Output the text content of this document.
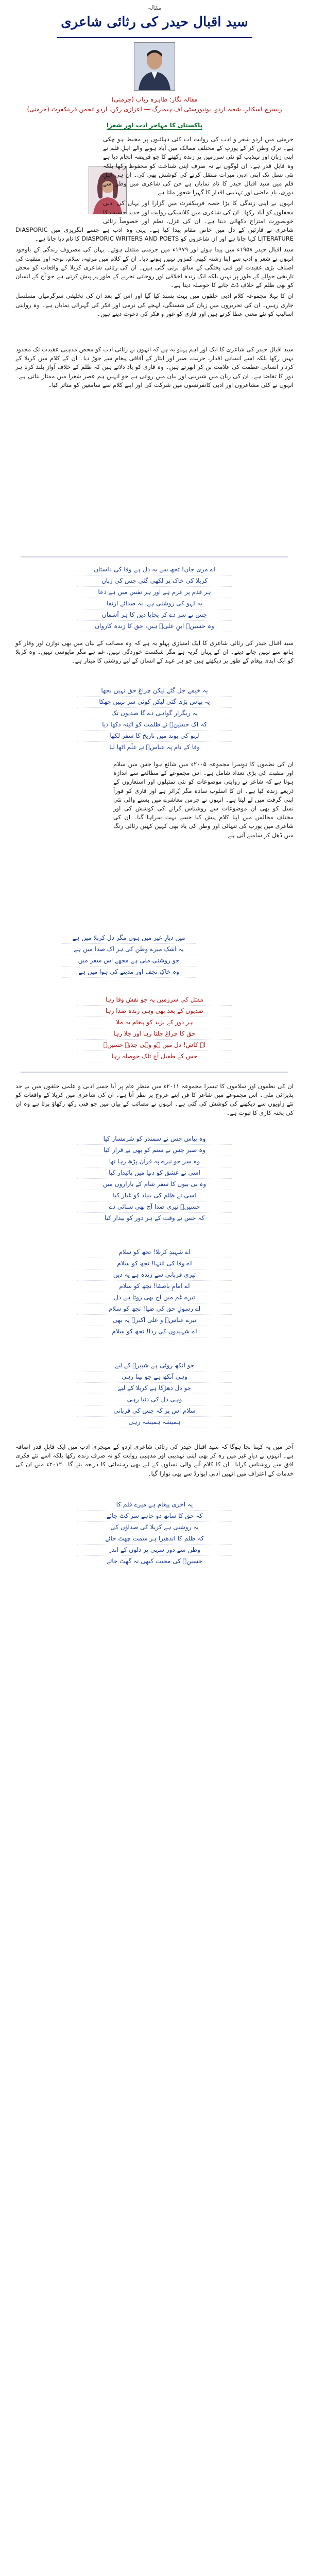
مقالہ
سید اقبال حیدر کی رثائی شاعری
مقالہ نگار: طاہرہ رباب (جرمنی)
ریسرچ اسکالر، شعبہ اردو، یونیورسٹی آف ہیمبرگ — اعزازی رکن، اردو انجمن فرینکفرٹ (جرمنی)
پاکستان کا مہاجر ادب اور شعرا

جرمنی میں اردو شعر و ادب کی روایت اب کئی دہائیوں پر محیط ہو چکی ہے۔ ترکِ وطن کر کے یورپ کے مختلف ممالک میں آباد ہونے والے اہلِ قلم نے اپنی زبان اور تہذیب کو نئی سرزمین پر زندہ رکھنے کا جو فریضہ انجام دیا ہے وہ قابلِ قدر ہے۔ ان لوگوں نے نہ صرف اپنی شناخت کو محفوظ رکھا بلکہ نئی نسل تک اپنی ادبی میراث منتقل کرنے کی کوشش بھی کی۔ ان ہی اہلِ قلم میں سید اقبال حیدر کا نام نمایاں ہے جن کی شاعری میں وطن سے دوری، یادِ ماضی اور تہذیبی اقدار کا گہرا شعور ملتا ہے۔

انہوں نے اپنی زندگی کا بڑا حصہ فرینکفرٹ میں گزارا اور یہاں کی ادبی محفلوں کو آباد رکھا۔ ان کی شاعری میں کلاسیکی روایت اور جدید حسیت کا خوبصورت امتزاج دکھائی دیتا ہے۔ ان کی غزل، نظم اور خصوصاً رثائی شاعری نے قارئین کے دل میں خاص مقام پیدا کیا ہے۔ یہی وہ ادب ہے جسے انگریزی میں DIASPORIC LITERATURE کہا جاتا ہے اور ان شاعروں کو DIASPORIC WRITERS AND POETS کا نام دیا جاتا ہے۔

سید اقبال حیدر ۱۹۵۸ء میں پیدا ہوئے اور ۱۹۷۹ء میں جرمنی منتقل ہوئے۔ یہاں کی مصروف زندگی کے باوجود انہوں نے شعر و ادب سے اپنا رشتہ کبھی کمزور نہیں ہونے دیا۔ ان کے کلام میں مرثیہ، سلام، نوحہ اور منقبت کی اصناف بڑی عقیدت اور فنی پختگی کے ساتھ برتی گئی ہیں۔ ان کی رثائی شاعری کربلا کے واقعات کو محض تاریخی حوالے کے طور پر نہیں بلکہ ایک زندہ اخلاقی اور روحانی تجربے کے طور پر پیش کرتی ہے جو آج کے انسان کو بھی ظلم کے خلاف ڈٹ جانے کا حوصلہ دیتا ہے۔

ان کا پہلا مجموعہ کلام ادبی حلقوں میں بہت پسند کیا گیا اور اس کے بعد ان کی تخلیقی سرگرمیاں مسلسل جاری رہیں۔ ان کی تحریروں میں زبان کی شستگی، لہجے کی نرمی اور فکر کی گہرائی نمایاں ہے۔ وہ روایتی اسالیب کو نئے معنی عطا کرتے ہیں اور قاری کو غور و فکر کی دعوت دیتے ہیں۔

سید اقبال حیدر کی شاعری کا ایک اور اہم پہلو یہ ہے کہ انہوں نے رثائی ادب کو محض مذہبی عقیدت تک محدود نہیں رکھا بلکہ اسے انسانی اقدار، حریت، صبر اور ایثار کے آفاقی پیغام سے جوڑ دیا۔ ان کے کلام میں کربلا کے کردار انسانی عظمت کی علامت بن کر ابھرتے ہیں۔ وہ قاری کو یاد دلاتے ہیں کہ ظلم کے خلاف آواز بلند کرنا ہر دور کا تقاضا ہے۔ ان کی زبان میں شیرینی اور بیان میں روانی ہے جو انہیں ہم عصر شعرا میں ممتاز بناتی ہے۔ انہوں نے کئی مشاعروں اور ادبی کانفرنسوں میں شرکت کی اور اپنے کلام سے سامعین کو متاثر کیا۔

اے مری جاں! تجھ سے یہ دل ہے وفا کی داستاں
کربلا کی خاک پر لکھی گئی جس کی زباں
ہر قدم پر عزم ہے اور ہر نفس میں ہے دعا
یہ لہو کی روشنی ہے، یہ صدائے ارتقا
جس نے سر دے کر بچایا دین کا ہر آسماں
وہ حسینؑ ابنِ علیؑ ہیں، حق کا زندہ کارواں
سید اقبال حیدر کی رثائی شاعری کا ایک امتیازی پہلو یہ ہے کہ وہ مصائب کے بیان میں بھی توازن اور وقار کو ہاتھ سے نہیں جانے دیتے۔ ان کے یہاں گریہ ہے مگر شکست خوردگی نہیں، غم ہے مگر مایوسی نہیں۔ وہ کربلا کو ایک ابدی پیغام کے طور پر دیکھتے ہیں جو ہر عہد کے انسان کے لیے روشنی کا مینار ہے۔
یہ خیمے جل گئے لیکن چراغِ حق نہیں بجھا
یہ پیاس بڑھ گئی لیکن کوئی سر نہیں جھکا
یہ ریگزار گواہی دے گا صدیوں تک
کہ اک حسینؑ نے ظلمت کو آئینہ دکھا دیا
لہو کی بوند میں تاریخ کا سفر لکھا
وفا کے نام پہ عباسؑ نے علَم اٹھا لیا
ان کی نظموں کا دوسرا مجموعہ ۲۰۰۵ء میں شائع ہوا جس میں سلام اور منقبت کی بڑی تعداد شامل ہے۔ اس مجموعے کے مطالعے سے اندازہ ہوتا ہے کہ شاعر نے روایتی موضوعات کو نئی تمثیلوں اور استعاروں کے ذریعے زندہ کیا ہے۔ ان کا اسلوب سادہ مگر پُراثر ہے اور قاری کو فوراً اپنی گرفت میں لے لیتا ہے۔ انہوں نے جرمن معاشرے میں بسنے والی نئی نسل کو بھی ان موضوعات سے روشناس کرانے کی کوشش کی اور مختلف مجالس میں اپنا کلام پیش کیا جسے بہت سراہا گیا۔ ان کی شاعری میں یورپ کی تنہائی اور وطن کی یاد بھی کہیں کہیں رثائی رنگ میں ڈھل کر سامنے آتی ہے۔
میں دیارِ غیر میں ہوں مگر دل کربلا میں ہے
یہ اشک میرے وطن کی ہر اک صدا میں ہے
جو روشنی ملی ہے مجھے اس سفر میں
وہ خاکِ نجف اور مدینے کی ہوا میں ہے
مقتل کی سرزمین پہ جو نقشِ وفا رہا
صدیوں کے بعد بھی وہی زندہ صدا رہا
ہر دور کے یزید کو پیغام یہ ملا
حق کا چراغ جلتا رہا اور جلا رہا
اے کاش! دل میں ہو وہی جذبۂ حسینؑ
جس کے طفیل آج تلک حوصلہ رہا
ان کی نظموں اور سلاموں کا تیسرا مجموعہ ۲۰۱۱ء میں منظرِ عام پر آیا جسے ادبی و علمی حلقوں میں بے حد پذیرائی ملی۔ اس مجموعے میں شاعر کا فن اپنے عروج پر نظر آتا ہے۔ ان کی شاعری میں کربلا کے واقعات کو نئے زاویوں سے دیکھنے کی کوشش کی گئی ہے۔ انہوں نے مصائب کے بیان میں جو فنی رکھ رکھاؤ برتا ہے وہ ان کی پختہ کاری کا ثبوت ہے۔
وہ پیاس جس نے سمندر کو شرمسار کیا
وہ صبر جس نے ستم کو بھی بے قرار کیا
وہ سر جو نیزے پہ قرآن پڑھ رہا تھا
اسی نے عشق کو دنیا میں پائیدار کیا
وہ بی بیوں کا سفر شام کے بازاروں میں
اسی نے ظلم کی بنیاد کو غبار کیا
حسینؑ تیری صدا آج بھی سنائی دے
کہ جس نے وقت کے ہر دور کو بیدار کیا
اے شہیدِ کربلا! تجھ کو سلام
اے وفا کی انتہا! تجھ کو سلام
تیری قربانی سے زندہ ہے یہ دیں
اے امامِ باصفا! تجھ کو سلام
تیرے غم میں آج بھی روتا ہے دل
اے رسولِ حق کی ضیا! تجھ کو سلام
تیرے عباسؑ و علی اکبرؑ پہ بھی
اے شہیدوں کی ردا! تجھ کو سلام
جو آنکھ روئی ہے شبیرؑ کے لیے
وہی آنکھ ہے جو بینا رہی
جو دل دھڑکا ہے کربلا کے لیے
وہی دل کی دنیا رہی
سلام اس پر کہ جس کی قربانی
ہمیشہ ہمیشہ رہی
آخر میں یہ کہنا بجا ہوگا کہ سید اقبال حیدر کی رثائی شاعری اردو کے مہجری ادب میں ایک قابلِ قدر اضافہ ہے۔ انہوں نے دیارِ غیر میں رہ کر بھی اپنی تہذیبی اور مذہبی روایت کو نہ صرف زندہ رکھا بلکہ اسے نئے فکری افق سے روشناس کرایا۔ ان کا کلام آنے والی نسلوں کے لیے بھی رہنمائی کا ذریعہ بنے گا۔ ۲۰۱۲ء میں ان کی خدمات کے اعتراف میں انہیں ادبی ایوارڈ سے بھی نوازا گیا۔
یہ آخری پیغام ہے میرے قلم کا
کہ حق کا ساتھ دو چاہے سر کٹ جائے
یہ روشنی ہے کربلا کی صداؤں کی
کہ ظلم کا اندھیرا ہر سمت چھٹ جائے
وطن سے دور سہی پر دلوں کے اندر
حسینؑ کی محبت کبھی نہ گھٹ جائے
